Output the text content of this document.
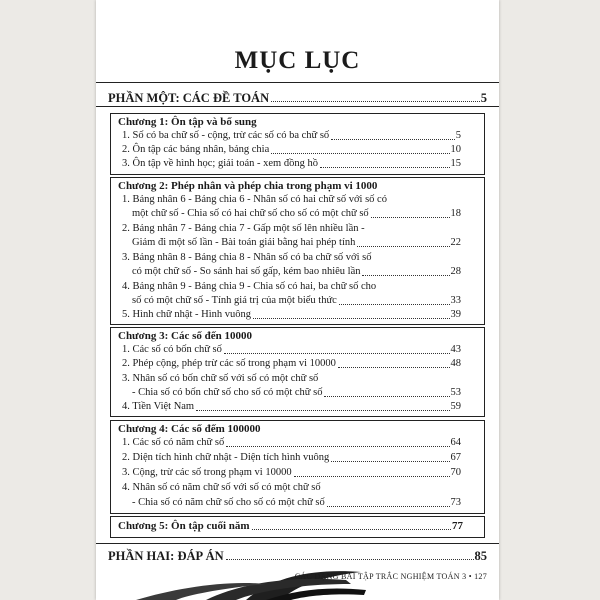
MỤC LỤC
PHẦN MỘT: CÁC ĐỀ TOÁN	5
Chương 1: Ôn tập và bổ sung
1. Số có ba chữ số - cộng, trừ các số có ba chữ số	5
2. Ôn tập các bảng nhân, bảng chia	10
3. Ôn tập về hình học; giải toán - xem đồng hồ	15
Chương 2: Phép nhân và phép chia trong phạm vi 1000
1. Bảng nhân 6 - Bảng chia 6 - Nhân số có hai chữ số với số có
một chữ số - Chia số có hai chữ số cho số có một chữ số	18
2. Bảng nhân 7 - Bảng chia 7 - Gấp một số lên nhiều lần -
Giảm đi một số lần - Bài toán giải bằng hai phép tính	22
3. Bảng nhân 8 - Bảng chia 8 - Nhân số có ba chữ số với số
có một chữ số - So sánh hai số gấp, kém bao nhiêu lần	28
4. Bảng nhân 9 - Bảng chia 9 - Chia số có hai, ba chữ số cho
số có một chữ số - Tính giá trị của một biểu thức	33
5. Hình chữ nhật - Hình vuông	39
Chương 3: Các số đến 10000
1. Các số có bốn chữ số	43
2. Phép cộng, phép trừ các số trong phạm vi 10000	48
3. Nhân số có bốn chữ số với số có một chữ số
- Chia số có bốn chữ số cho số có một chữ số	53
4. Tiền Việt Nam	59
Chương 4: Các số đếm 100000
1. Các số có năm chữ số	64
2. Diện tích hình chữ nhật - Diện tích hình vuông	67
3. Cộng, trừ các số trong phạm vi 10000	70
4. Nhân số có năm chữ số với số có một chữ số
- Chia số có năm chữ số cho số có một chữ số	73
Chương 5: Ôn tập cuối năm	77
PHẦN HAI: ĐÁP ÁN	85
CÁC DẠNG BÀI TẬP TRẮC NGHIỆM TOÁN 3 • 127
